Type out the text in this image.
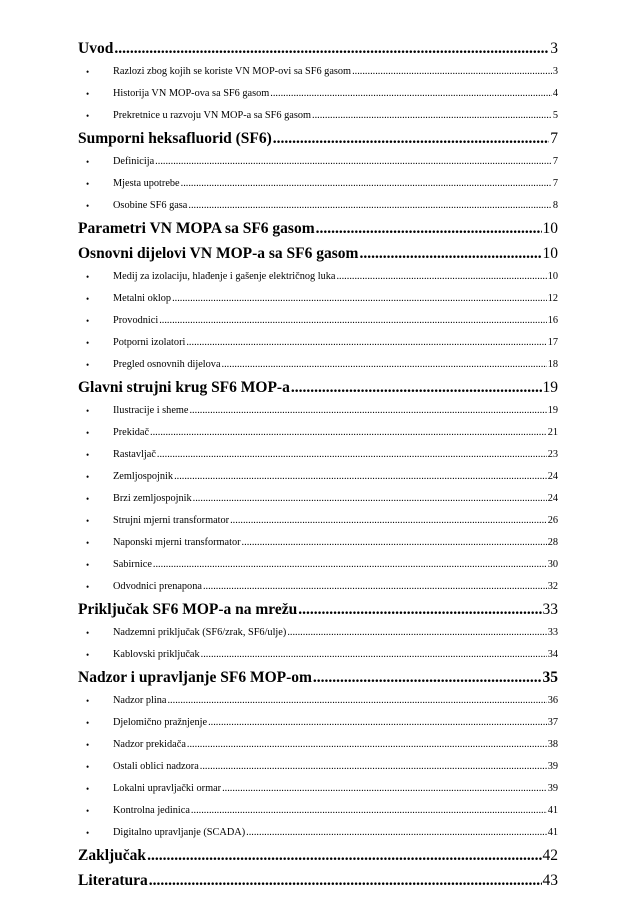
Uvod .....	3
• Razlozi zbog kojih se koriste VN MOP-ovi sa SF6 gasom .....	3
• Historija VN MOP-ova sa SF6 gasom .....	4
• Prekretnice u razvoju VN MOP-a sa SF6 gasom .....	5
Sumporni heksafluorid (SF6) .....	7
• Definicija .....	7
• Mjesta upotrebe .....	7
• Osobine SF6 gasa .....	8
Parametri VN MOPA sa SF6 gasom .....	10
Osnovni dijelovi VN MOP-a sa SF6 gasom .....	10
• Medij za izolaciju, hlađenje i gašenje električnog luka .....	10
• Metalni oklop .....	12
• Provodnici .....	16
• Potporni izolatori .....	17
• Pregled osnovnih dijelova .....	18
Glavni strujni krug SF6 MOP-a .....	19
• Ilustracije i sheme .....	19
• Prekidač .....	21
• Rastavljač .....	23
• Zemljospojnik .....	24
• Brzi zemljospojnik .....	24
• Strujni mjerni transformator .....	26
• Naponski mjerni transformator .....	28
• Sabirnice .....	30
• Odvodnici prenapona .....	32
Priključak SF6 MOP-a na mrežu .....	33
• Nadzemni priključak (SF6/zrak, SF6/ulje) .....	33
• Kablovski priključak .....	34
Nadzor i upravljanje SF6 MOP-om .....	35
• Nadzor plina .....	36
• Djelomično pražnjenje .....	37
• Nadzor prekidača .....	38
• Ostali oblici nadzora .....	39
• Lokalni upravljački ormar .....	39
• Kontrolna jedinica .....	41
• Digitalno upravljanje (SCADA) .....	41
Zaključak .....	42
Literatura .....	43
